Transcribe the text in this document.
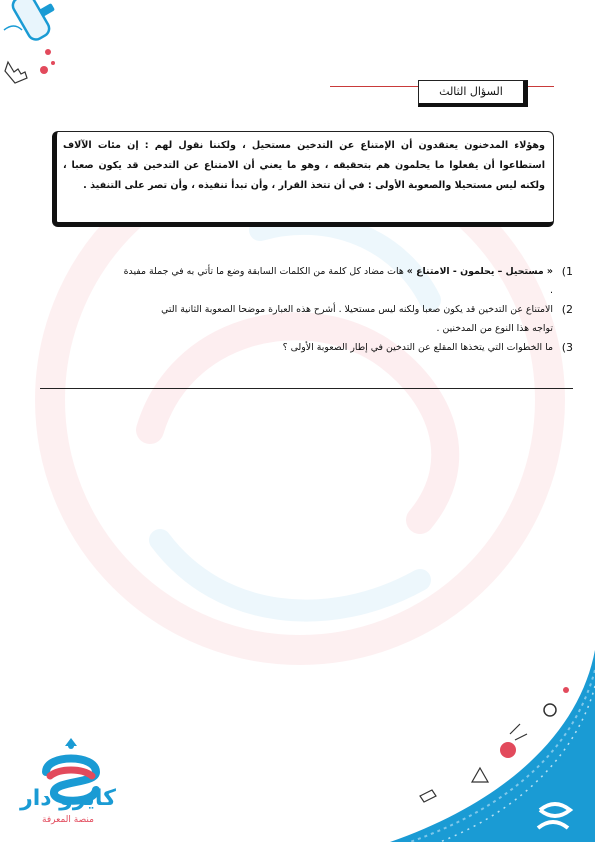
السؤال الثالث
وهؤلاء المدخنون يعتقدون أن الإمتناع عن التدخين مستحيل ، ولكننا نقول لهم : إن مئات الآلاف استطاعوا أن يفعلوا ما يحلمون هم بتحقيقه ، وهو ما يعني أن الامتناع عن التدخين قد يكون صعبا ، ولكنه ليس مستحيلا والصعوبة الأولى : في أن تتخذ القرار ، وأن تبدأ تنفيذه ، وأن تصر على التنفيذ .
1)
« مستحيل – يحلمون - الامتناع » هات مضاد كل كلمة من الكلمات السابقة وضع ما تأتي به في جملة مفيدة
.
2)
الامتناع عن التدخين قد يكون صعبا ولكنه ليس مستحيلا . أشرح هذه العبارة موضحا الصعوبة الثانية التي
تواجه هذا النوع من المدخنين .
3)
ما الخطوات التي يتخذها المقلع عن التدخين في إطار الصعوبة الأولى ؟
كايرو دار
منصة المعرفة
